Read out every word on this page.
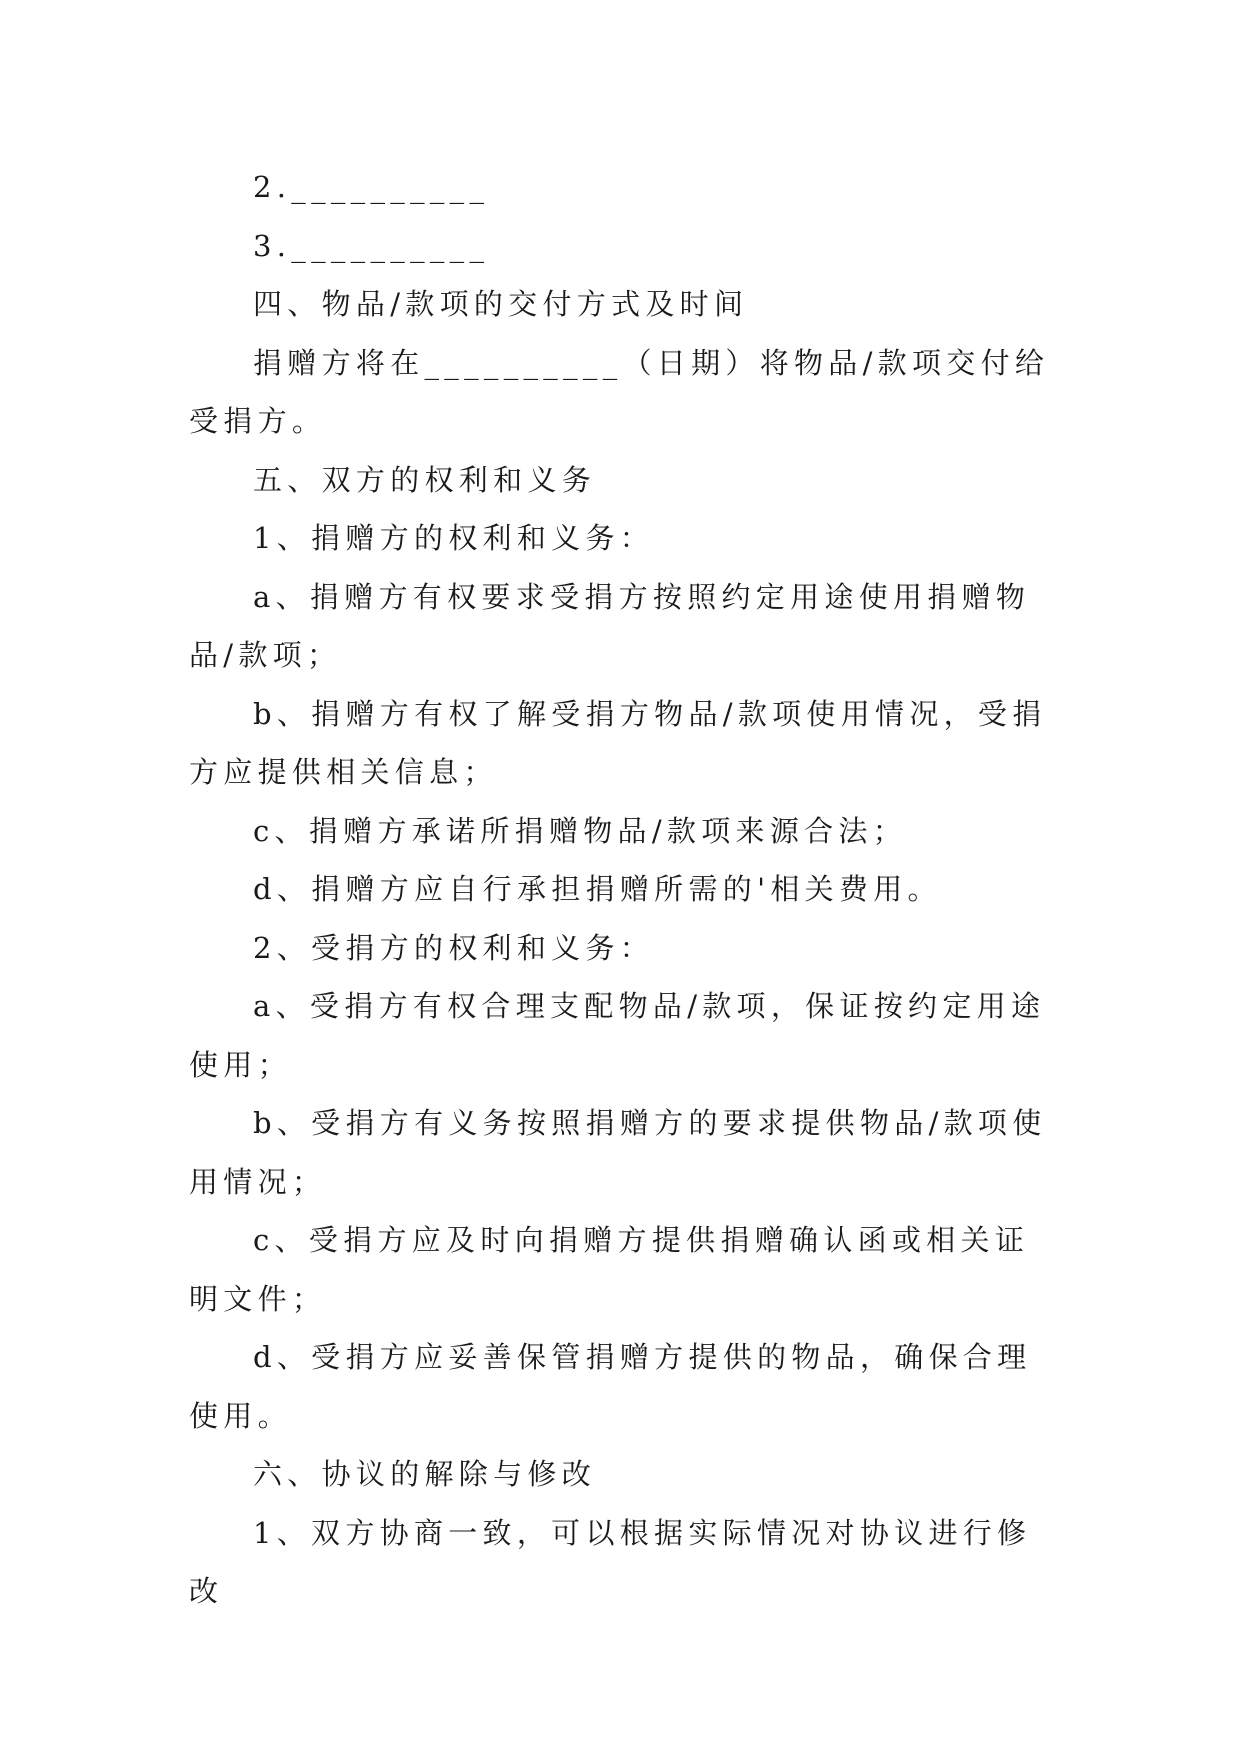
2.__________

3.__________

四、物品/款项的交付方式及时间

捐赠方将在__________（日期）将物品/款项交付给受捐方。

五、双方的权利和义务

1、捐赠方的权利和义务：

a、捐赠方有权要求受捐方按照约定用途使用捐赠物品/款项；

b、捐赠方有权了解受捐方物品/款项使用情况，受捐方应提供相关信息；

c、捐赠方承诺所捐赠物品/款项来源合法；

d、捐赠方应自行承担捐赠所需的'相关费用。

2、受捐方的权利和义务：

a、受捐方有权合理支配物品/款项，保证按约定用途使用；

b、受捐方有义务按照捐赠方的要求提供物品/款项使用情况；

c、受捐方应及时向捐赠方提供捐赠确认函或相关证明文件；

d、受捐方应妥善保管捐赠方提供的物品，确保合理使用。

六、协议的解除与修改

1、双方协商一致，可以根据实际情况对协议进行修改
